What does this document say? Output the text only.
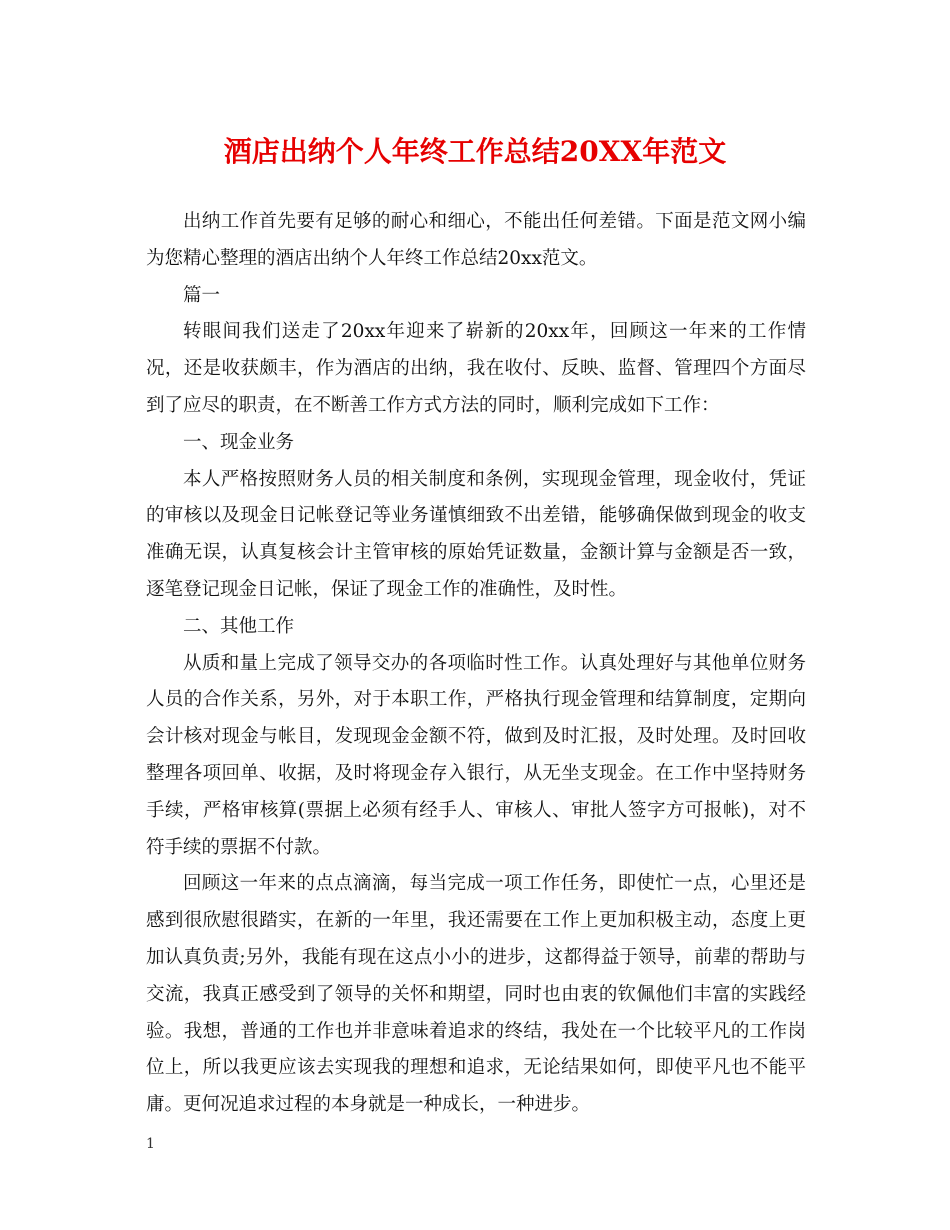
酒店出纳个人年终工作总结20XX年范文

出纳工作首先要有足够的耐心和细心，不能出任何差错。下面是范文网小编为您精心整理的酒店出纳个人年终工作总结20xx范文。

篇一

转眼间我们送走了20xx年迎来了崭新的20xx年，回顾这一年来的工作情况，还是收获颇丰，作为酒店的出纳，我在收付、反映、监督、管理四个方面尽到了应尽的职责，在不断善工作方式方法的同时，顺利完成如下工作：

一、现金业务

本人严格按照财务人员的相关制度和条例，实现现金管理，现金收付，凭证的审核以及现金日记帐登记等业务谨慎细致不出差错，能够确保做到现金的收支准确无误，认真复核会计主管审核的原始凭证数量，金额计算与金额是否一致，逐笔登记现金日记帐，保证了现金工作的准确性，及时性。

二、其他工作

从质和量上完成了领导交办的各项临时性工作。认真处理好与其他单位财务人员的合作关系，另外，对于本职工作，严格执行现金管理和结算制度，定期向会计核对现金与帐目，发现现金金额不符，做到及时汇报，及时处理。及时回收整理各项回单、收据，及时将现金存入银行，从无坐支现金。在工作中坚持财务手续，严格审核算(票据上必须有经手人、审核人、审批人签字方可报帐)，对不符手续的票据不付款。

回顾这一年来的点点滴滴，每当完成一项工作任务，即使忙一点，心里还是感到很欣慰很踏实，在新的一年里，我还需要在工作上更加积极主动，态度上更加认真负责;另外，我能有现在这点小小的进步，这都得益于领导，前辈的帮助与交流，我真正感受到了领导的关怀和期望，同时也由衷的钦佩他们丰富的实践经验。我想，普通的工作也并非意味着追求的终结，我处在一个比较平凡的工作岗位上，所以我更应该去实现我的理想和追求，无论结果如何，即使平凡也不能平庸。更何况追求过程的本身就是一种成长，一种进步。

1
